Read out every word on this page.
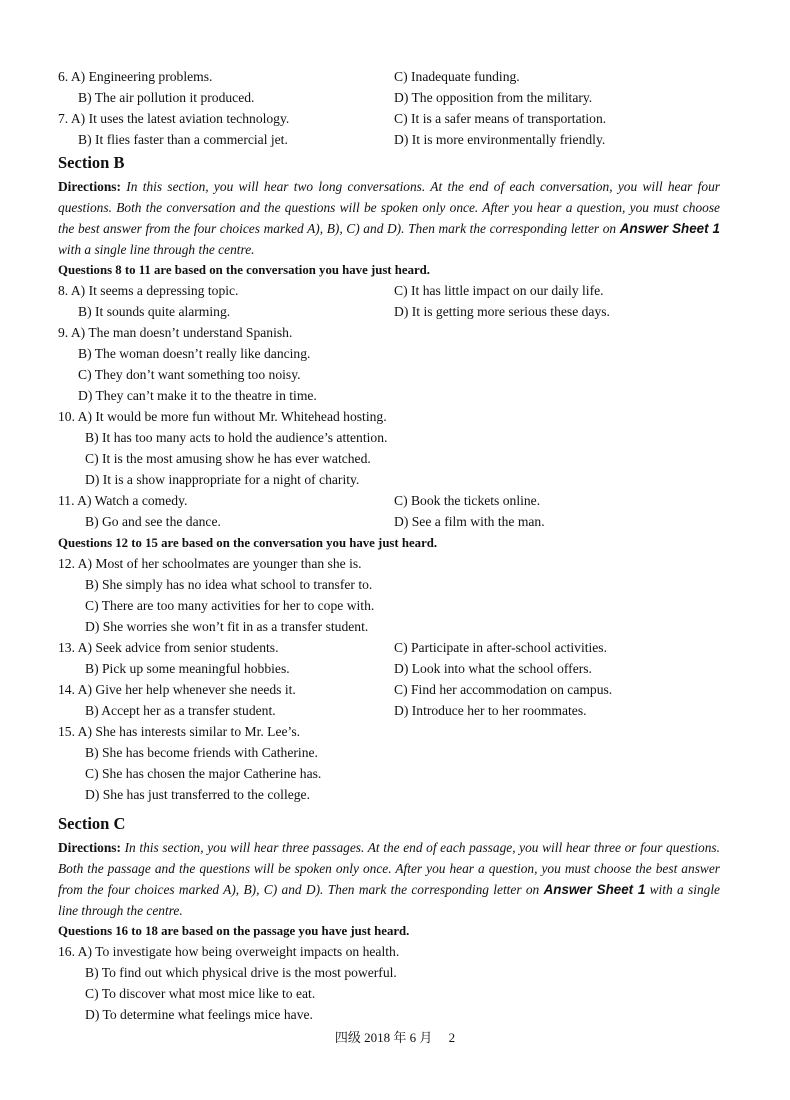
6. A) Engineering problems.	C) Inadequate funding.
B) The air pollution it produced.	D) The opposition from the military.
7. A) It uses the latest aviation technology.	C) It is a safer means of transportation.
B) It flies faster than a commercial jet.	D) It is more environmentally friendly.
Section B
Directions: In this section, you will hear two long conversations. At the end of each conversation, you will hear four questions. Both the conversation and the questions will be spoken only once. After you hear a question, you must choose the best answer from the four choices marked A), B), C) and D). Then mark the corresponding letter on Answer Sheet 1 with a single line through the centre.
Questions 8 to 11 are based on the conversation you have just heard.
8. A) It seems a depressing topic.	C) It has little impact on our daily life.
B) It sounds quite alarming.	D) It is getting more serious these days.
9. A) The man doesn’t understand Spanish.
B) The woman doesn’t really like dancing.
C) They don’t want something too noisy.
D) They can’t make it to the theatre in time.
10. A) It would be more fun without Mr. Whitehead hosting.
B) It has too many acts to hold the audience’s attention.
C) It is the most amusing show he has ever watched.
D) It is a show inappropriate for a night of charity.
11. A) Watch a comedy.	C) Book the tickets online.
B) Go and see the dance.	D) See a film with the man.
Questions 12 to 15 are based on the conversation you have just heard.
12. A) Most of her schoolmates are younger than she is.
B) She simply has no idea what school to transfer to.
C) There are too many activities for her to cope with.
D) She worries she won’t fit in as a transfer student.
13. A) Seek advice from senior students.	C) Participate in after-school activities.
B) Pick up some meaningful hobbies.	D) Look into what the school offers.
14. A) Give her help whenever she needs it.	C) Find her accommodation on campus.
B) Accept her as a transfer student.	D) Introduce her to her roommates.
15. A) She has interests similar to Mr. Lee’s.
B) She has become friends with Catherine.
C) She has chosen the major Catherine has.
D) She has just transferred to the college.
Section C
Directions: In this section, you will hear three passages. At the end of each passage, you will hear three or four questions. Both the passage and the questions will be spoken only once. After you hear a question, you must choose the best answer from the four choices marked A), B), C) and D). Then mark the corresponding letter on Answer Sheet 1 with a single line through the centre.
Questions 16 to 18 are based on the passage you have just heard.
16. A) To investigate how being overweight impacts on health.
B) To find out which physical drive is the most powerful.
C) To discover what most mice like to eat.
D) To determine what feelings mice have.
四级 2018 年 6 月　 2
